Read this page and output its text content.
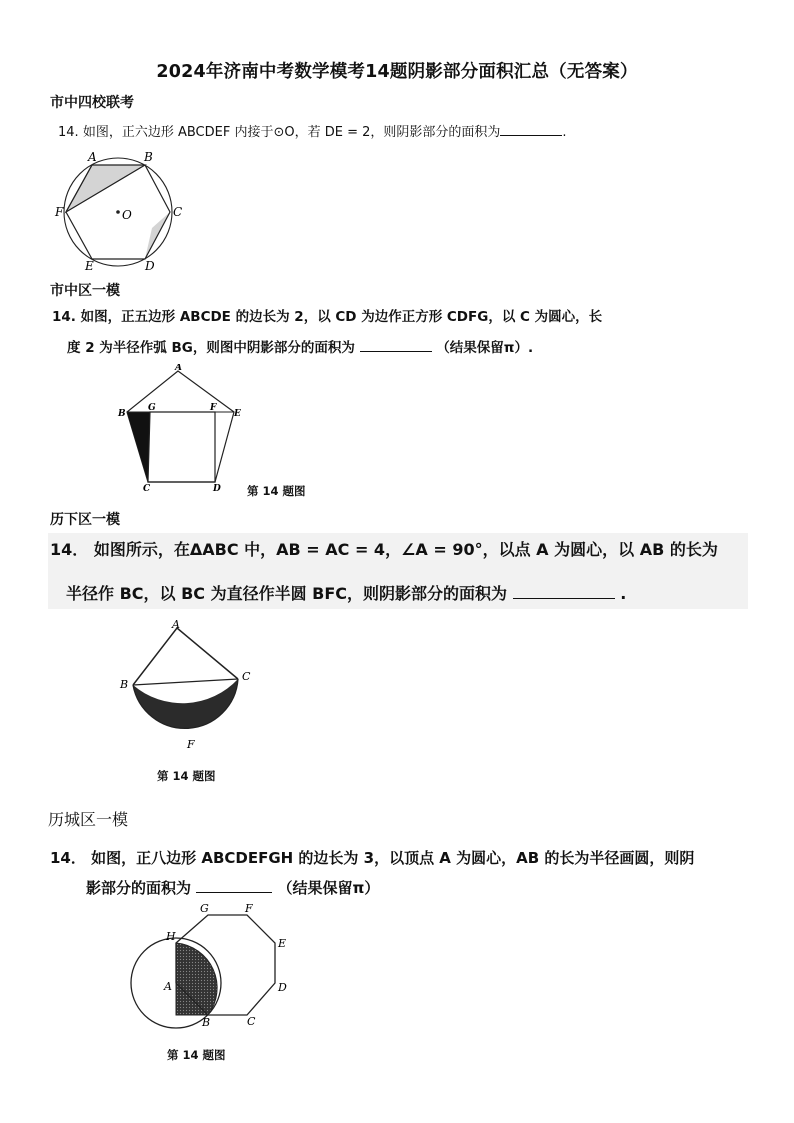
2024年济南中考数学模考14题阴影部分面积汇总（无答案）
市中四校联考
14. 如图，正六边形 ABCDEF 内接于⊙O，若 DE = 2，则阴影部分的面积为	.
A	B
C
D
E
F	O
市中区一模
14. 如图，正五边形 ABCDE 的边长为 2，以 CD 为边作正方形 CDFG，以 C 为圆心，长
度 2 为半径作弧 BG，则图中阴影部分的面积为	（结果保留π）.
A
B
G	F
E
C	D 第 14 题图
历下区一模
14． 如图所示，在ΔABC 中，AB = AC = 4，∠A = 90°，以点 A 为圆心，以 AB 的长为
半径作 BC，以 BC 为直径作半圆 BFC，则阴影部分的面积为	.
A
B
C
F
第 14 题图
历城区一模
14． 如图，正八边形 ABCDEFGH 的边长为 3，以顶点 A 为圆心，AB 的长为半径画圆，则阴
影部分的面积为	（结果保留π）
G	F
H
E
A	D
B	C
第 14 题图
